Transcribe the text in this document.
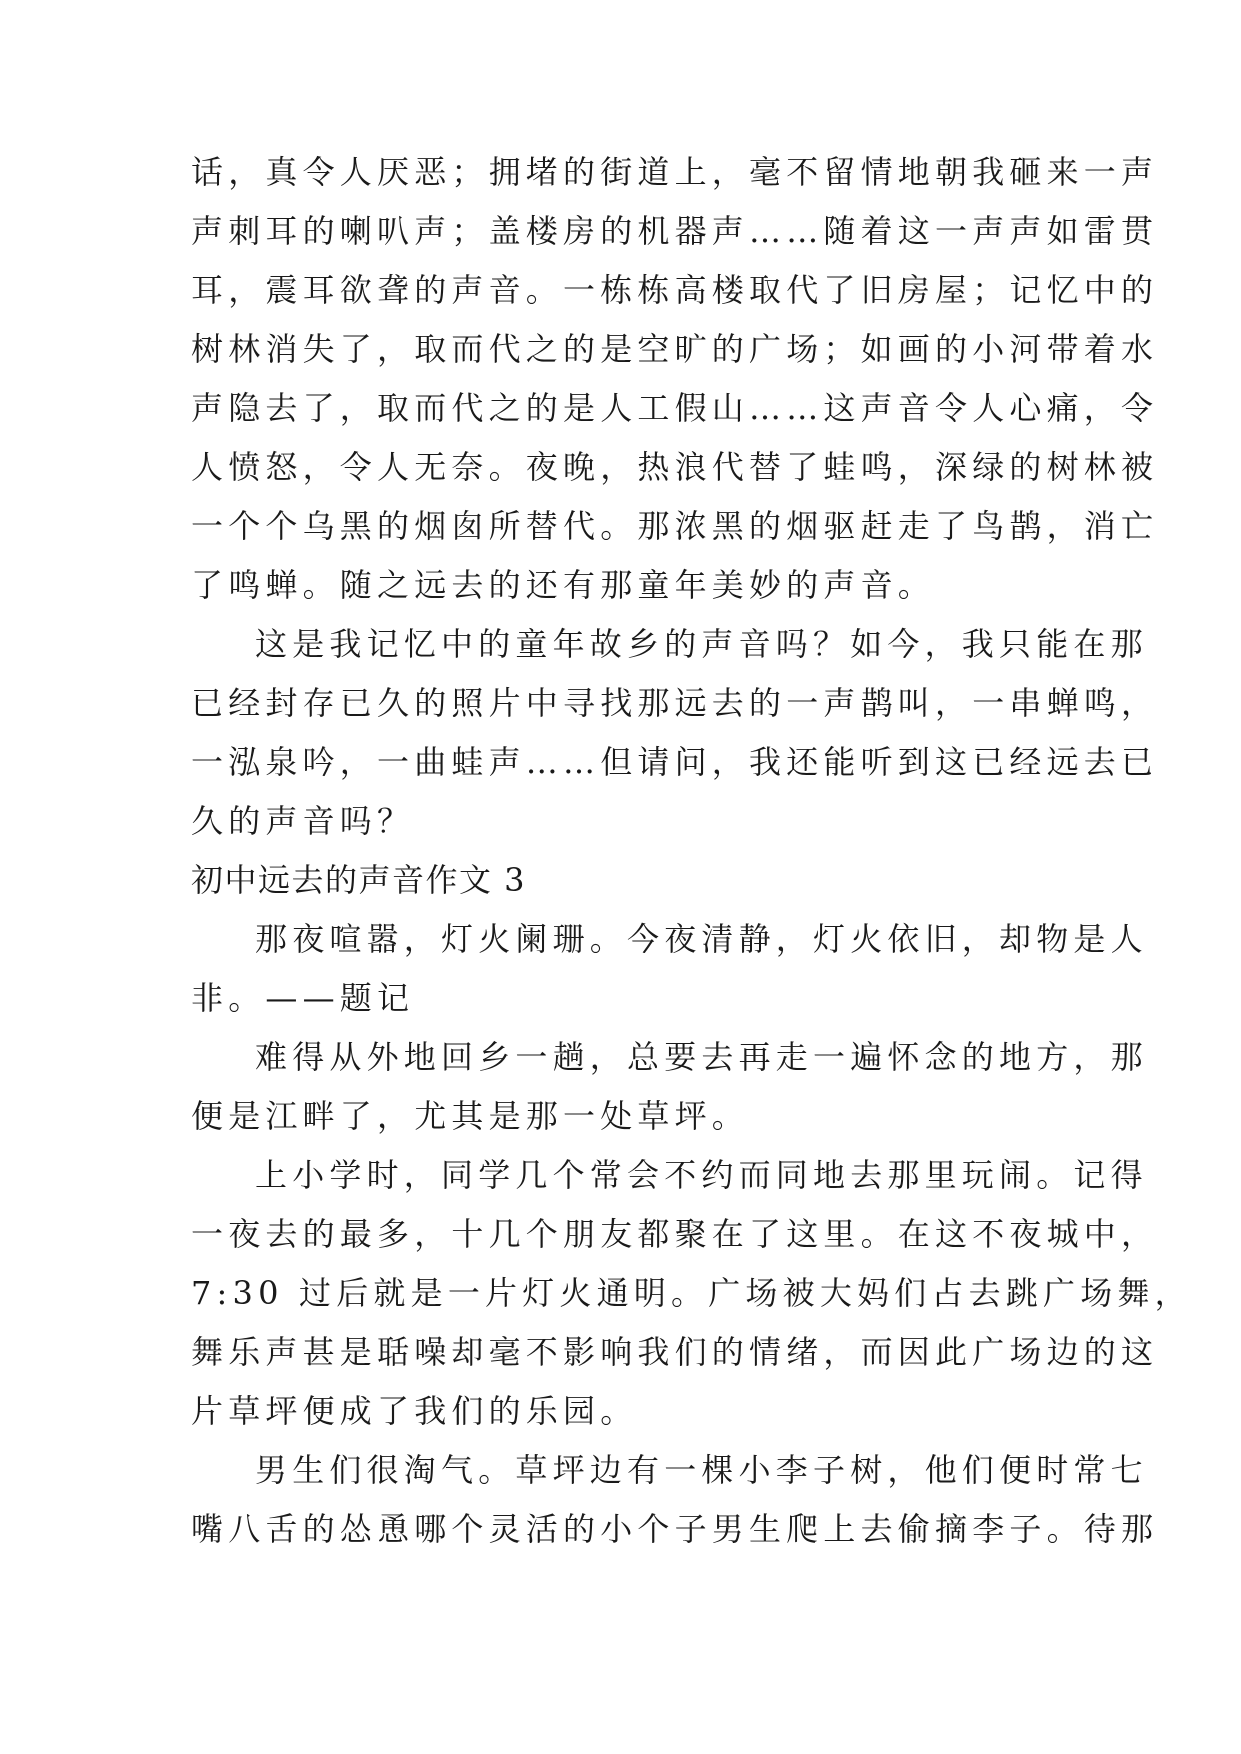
话，真令人厌恶；拥堵的街道上，毫不留情地朝我砸来一声
声刺耳的喇叭声；盖楼房的机器声……随着这一声声如雷贯
耳，震耳欲聋的声音。一栋栋高楼取代了旧房屋；记忆中的
树林消失了，取而代之的是空旷的广场；如画的小河带着水
声隐去了，取而代之的是人工假山……这声音令人心痛，令
人愤怒，令人无奈。夜晚，热浪代替了蛙鸣，深绿的树林被
一个个乌黑的烟囱所替代。那浓黑的烟驱赶走了鸟鹊，消亡
了鸣蝉。随之远去的还有那童年美妙的声音。
这是我记忆中的童年故乡的声音吗？如今，我只能在那
已经封存已久的照片中寻找那远去的一声鹊叫，一串蝉鸣，
一泓泉吟，一曲蛙声……但请问，我还能听到这已经远去已
久的声音吗？
初中远去的声音作文 3
那夜喧嚣，灯火阑珊。今夜清静，灯火依旧，却物是人
非。——题记
难得从外地回乡一趟，总要去再走一遍怀念的地方，那
便是江畔了，尤其是那一处草坪。
上小学时，同学几个常会不约而同地去那里玩闹。记得
一夜去的最多，十几个朋友都聚在了这里。在这不夜城中，
7:30 过后就是一片灯火通明。广场被大妈们占去跳广场舞，
舞乐声甚是聒噪却毫不影响我们的情绪，而因此广场边的这
片草坪便成了我们的乐园。
男生们很淘气。草坪边有一棵小李子树，他们便时常七
嘴八舌的怂恿哪个灵活的小个子男生爬上去偷摘李子。待那
